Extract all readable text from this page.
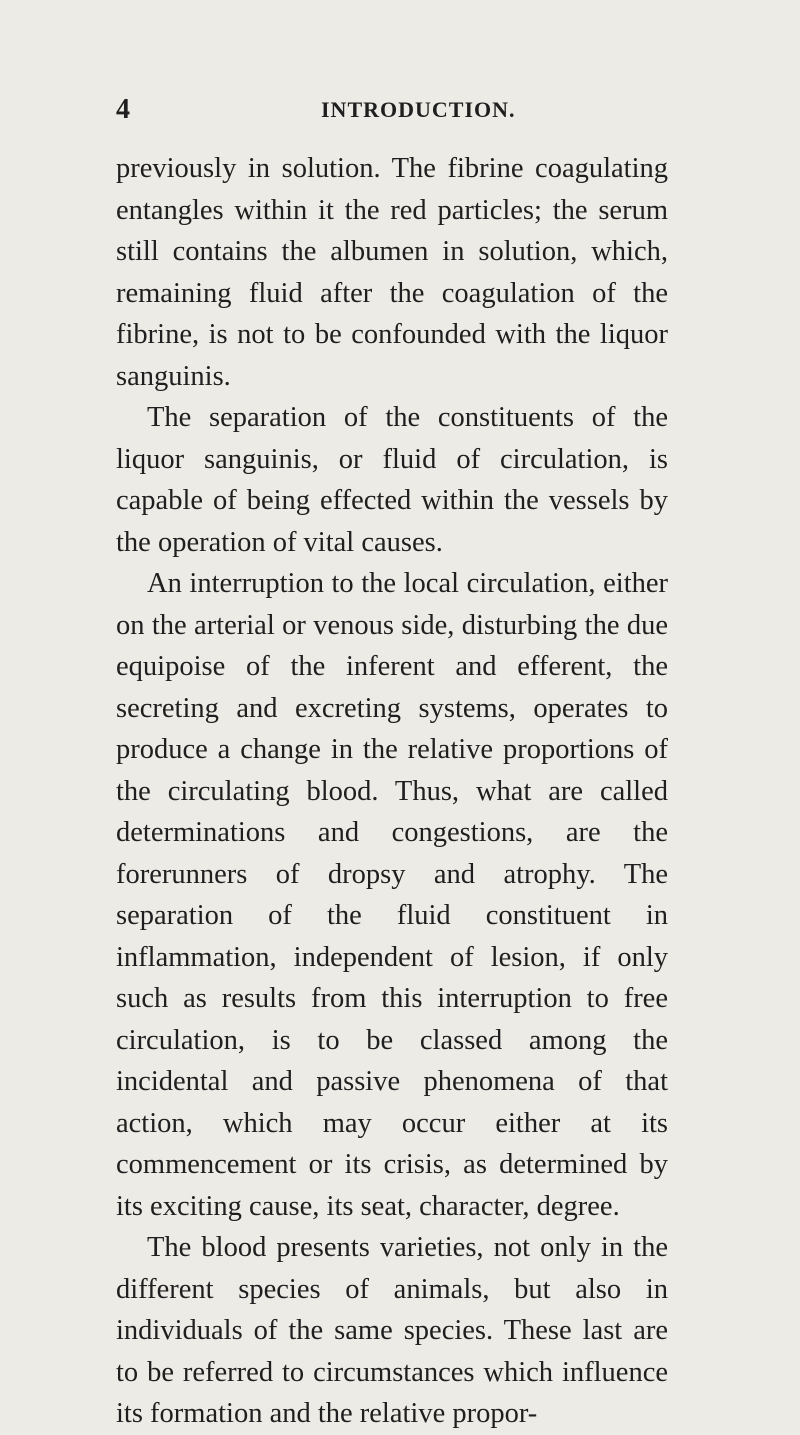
4	INTRODUCTION.

previously in solution. The fibrine coagulating entangles within it the red particles; the serum still contains the albumen in solution, which, remaining fluid after the coagulation of the fibrine, is not to be confounded with the liquor sanguinis.

The separation of the constituents of the liquor sanguinis, or fluid of circulation, is capable of being effected within the vessels by the operation of vital causes.

An interruption to the local circulation, either on the arterial or venous side, disturbing the due equipoise of the inferent and efferent, the secreting and excreting systems, operates to produce a change in the relative proportions of the circulating blood. Thus, what are called determinations and congestions, are the forerunners of dropsy and atrophy. The separation of the fluid constituent in inflammation, independent of lesion, if only such as results from this interruption to free circulation, is to be classed among the incidental and passive phenomena of that action, which may occur either at its commencement or its crisis, as determined by its exciting cause, its seat, character, degree.

The blood presents varieties, not only in the different species of animals, but also in individuals of the same species. These last are to be referred to circumstances which influence its formation and the relative propor-
